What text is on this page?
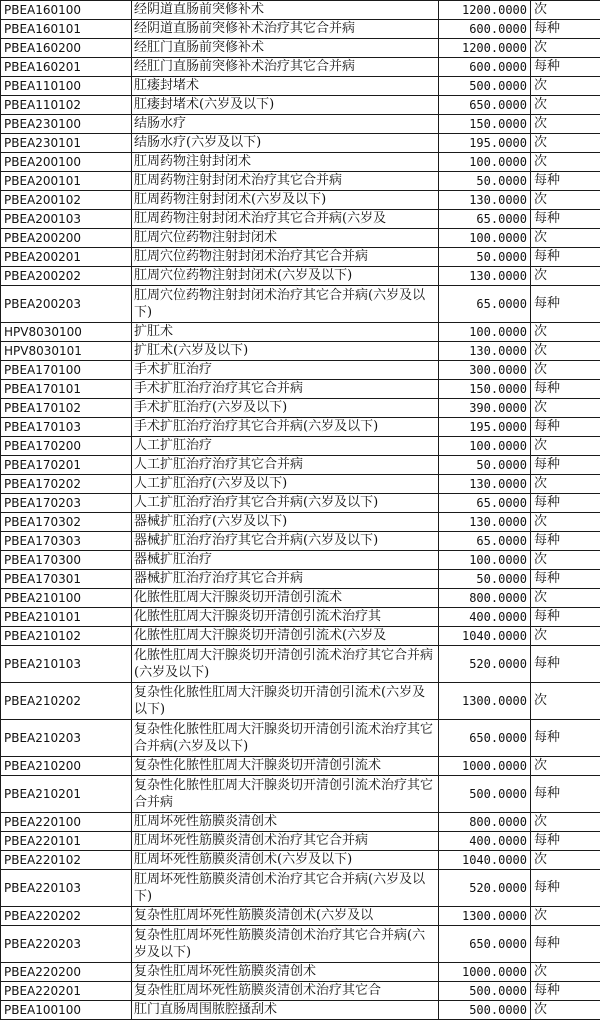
PBEA160100	经阴道直肠前突修补术	1200.0000	次
PBEA160101	经阴道直肠前突修补术治疗其它合并病	600.0000	每种
PBEA160200	经肛门直肠前突修补术	1200.0000	次
PBEA160201	经肛门直肠前突修补术治疗其它合并病	600.0000	每种
PBEA110100	肛瘘封堵术	500.0000	次
PBEA110102	肛瘘封堵术(六岁及以下)	650.0000	次
PBEA230100	结肠水疗	150.0000	次
PBEA230101	结肠水疗(六岁及以下)	195.0000	次
PBEA200100	肛周药物注射封闭术	100.0000	次
PBEA200101	肛周药物注射封闭术治疗其它合并病	50.0000	每种
PBEA200102	肛周药物注射封闭术(六岁及以下)	130.0000	次
PBEA200103	肛周药物注射封闭术治疗其它合并病(六岁及	65.0000	每种
PBEA200200	肛周穴位药物注射封闭术	100.0000	次
PBEA200201	肛周穴位药物注射封闭术治疗其它合并病	50.0000	每种
PBEA200202	肛周穴位药物注射封闭术(六岁及以下)	130.0000	次
PBEA200203	肛周穴位药物注射封闭术治疗其它合并病(六岁及以下)	65.0000	每种
HPV8030100	扩肛术	100.0000	次
HPV8030101	扩肛术(六岁及以下)	130.0000	次
PBEA170100	手术扩肛治疗	300.0000	次
PBEA170101	手术扩肛治疗治疗其它合并病	150.0000	每种
PBEA170102	手术扩肛治疗(六岁及以下)	390.0000	次
PBEA170103	手术扩肛治疗治疗其它合并病(六岁及以下)	195.0000	每种
PBEA170200	人工扩肛治疗	100.0000	次
PBEA170201	人工扩肛治疗治疗其它合并病	50.0000	每种
PBEA170202	人工扩肛治疗(六岁及以下)	130.0000	次
PBEA170203	人工扩肛治疗治疗其它合并病(六岁及以下)	65.0000	每种
PBEA170302	器械扩肛治疗(六岁及以下)	130.0000	次
PBEA170303	器械扩肛治疗治疗其它合并病(六岁及以下)	65.0000	每种
PBEA170300	器械扩肛治疗	100.0000	次
PBEA170301	器械扩肛治疗治疗其它合并病	50.0000	每种
PBEA210100	化脓性肛周大汗腺炎切开清创引流术	800.0000	次
PBEA210101	化脓性肛周大汗腺炎切开清创引流术治疗其	400.0000	每种
PBEA210102	化脓性肛周大汗腺炎切开清创引流术(六岁及	1040.0000	次
PBEA210103	化脓性肛周大汗腺炎切开清创引流术治疗其它合并病(六岁及以下)	520.0000	每种
PBEA210202	复杂性化脓性肛周大汗腺炎切开清创引流术(六岁及以下)	1300.0000	次
PBEA210203	复杂性化脓性肛周大汗腺炎切开清创引流术治疗其它合并病(六岁及以下)	650.0000	每种
PBEA210200	复杂性化脓性肛周大汗腺炎切开清创引流术	1000.0000	次
PBEA210201	复杂性化脓性肛周大汗腺炎切开清创引流术治疗其它合并病	500.0000	每种
PBEA220100	肛周坏死性筋膜炎清创术	800.0000	次
PBEA220101	肛周坏死性筋膜炎清创术治疗其它合并病	400.0000	每种
PBEA220102	肛周坏死性筋膜炎清创术(六岁及以下)	1040.0000	次
PBEA220103	肛周坏死性筋膜炎清创术治疗其它合并病(六岁及以下)	520.0000	每种
PBEA220202	复杂性肛周坏死性筋膜炎清创术(六岁及以	1300.0000	次
PBEA220203	复杂性肛周坏死性筋膜炎清创术治疗其它合并病(六岁及以下)	650.0000	每种
PBEA220200	复杂性肛周坏死性筋膜炎清创术	1000.0000	次
PBEA220201	复杂性肛周坏死性筋膜炎清创术治疗其它合	500.0000	每种
PBEA100100	肛门直肠周围脓腔搔刮术	500.0000	次
